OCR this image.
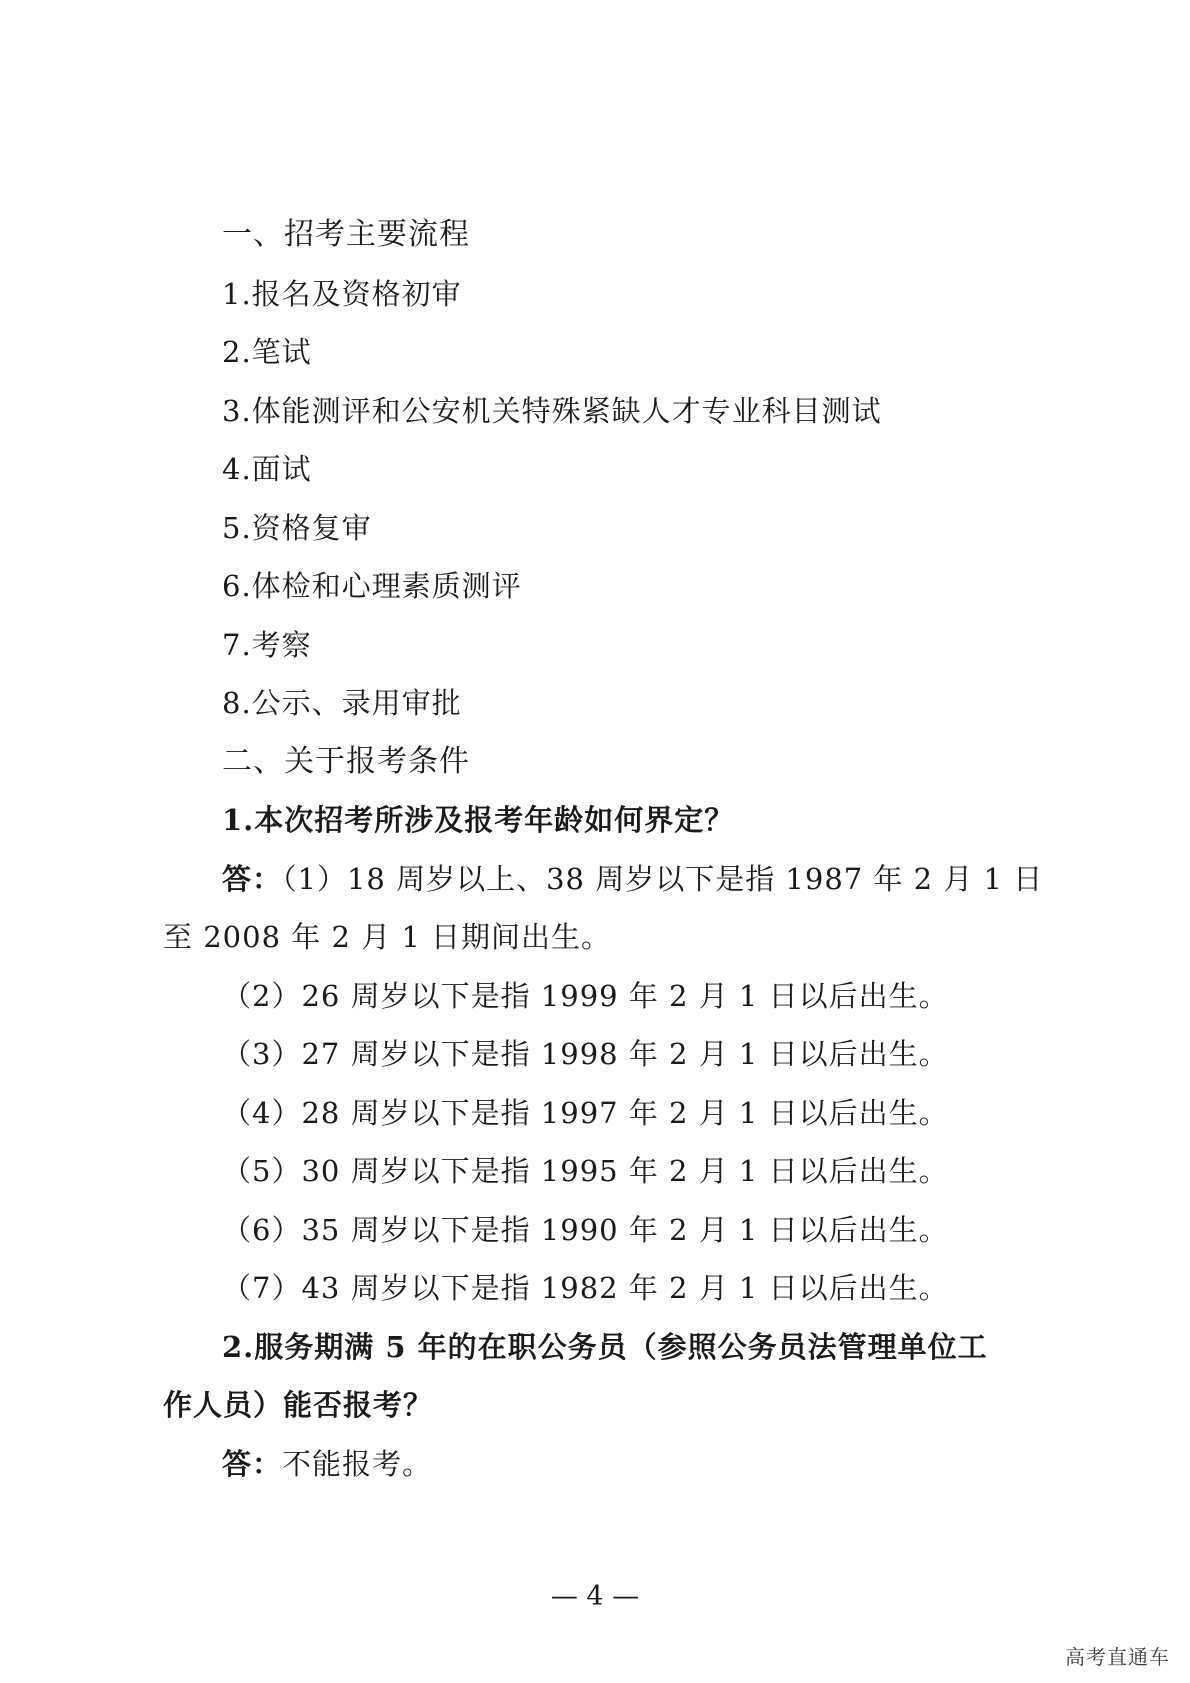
一、招考主要流程
1.报名及资格初审
2.笔试
3.体能测评和公安机关特殊紧缺人才专业科目测试
4.面试
5.资格复审
6.体检和心理素质测评
7.考察
8.公示、录用审批
二、关于报考条件
1.本次招考所涉及报考年龄如何界定？
答：（1）18 周岁以上、38 周岁以下是指 1987 年 2 月 1 日
至 2008 年 2 月 1 日期间出生。
（2）26 周岁以下是指 1999 年 2 月 1 日以后出生。
（3）27 周岁以下是指 1998 年 2 月 1 日以后出生。
（4）28 周岁以下是指 1997 年 2 月 1 日以后出生。
（5）30 周岁以下是指 1995 年 2 月 1 日以后出生。
（6）35 周岁以下是指 1990 年 2 月 1 日以后出生。
（7）43 周岁以下是指 1982 年 2 月 1 日以后出生。
2.服务期满 5 年的在职公务员（参照公务员法管理单位工
作人员）能否报考？
答：不能报考。
— 4 —
高考直通车
